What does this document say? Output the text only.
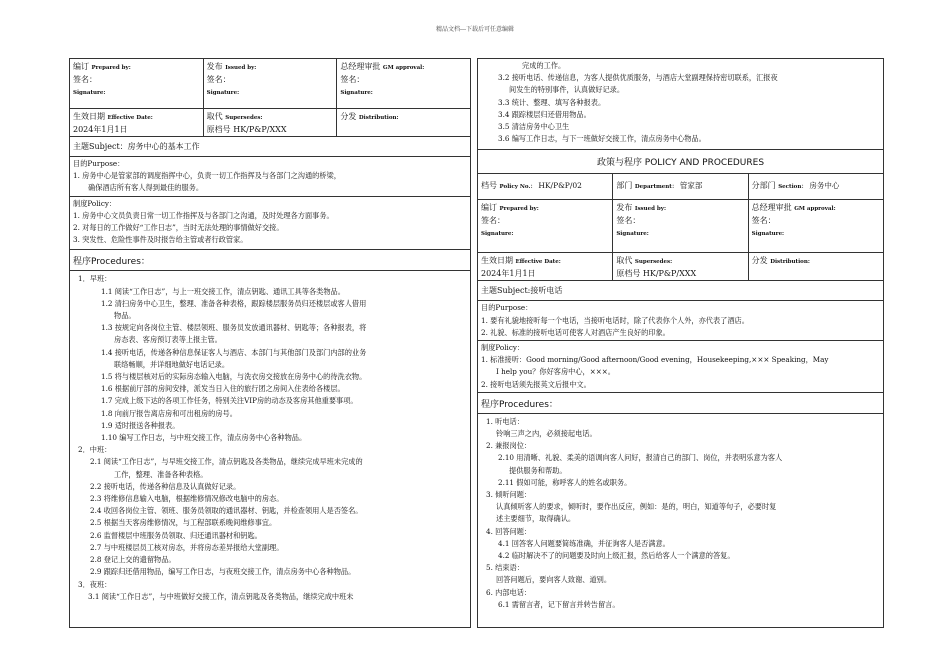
精品文档---下载后可任意编辑
编订 Prepared by:
签名：
Signature:
发布 Issued by:
签名：
Signature:
总经理审批 GM approval:
签名：
Signature:
生效日期 Effective Date:
2024年1月1日
取代 Supersedes:
原档号 HK/P&P/XXX
分发 Distribution:
主题Subject：房务中心的基本工作
目的Purpose：
1. 房务中心是管家部的调度指挥中心，负责一切工作指挥及与各部门之沟通的桥梁，
确保酒店所有客人得到最佳的服务。
制度Policy：
1. 房务中心文员负责日常一切工作指挥及与各部门之沟通，及时处理各方面事务。
2. 对每日的工作做好“工作日志”，当时无法处理的事情做好交接。
3. 突发性、危险性事件及时报告给主管或者行政管家。
程序Procedures：
1．早班：
1.1 阅读“工作日志”，与上一班交接工作，清点钥匙、通讯工具等各类物品。
1.2 清扫房务中心卫生，整理、准备各种表格，跟踪楼层服务员归还楼层或客人借用
物品。
1.3 按规定向各岗位主管、楼层领班、服务员发放通讯器材、钥匙等；各种报表，将
房态表、客房预订表等上报主管。
1.4 接听电话，传递各种信息保证客人与酒店、本部门与其他部门及部门内部的业务
联络畅顺，并详细地做好电话记录。
1.5 将与楼层核对后的实际房态输入电脑，与洗衣房交接放在房务中心的待洗衣物。
1.6 根据前厅部的房间安排，派发当日入住的旅行团之房间入住表给各楼层。
1.7 完成上级下达的各项工作任务，特别关注VIP房的动态及客房其他重要事项。
1.8 向前厅报告离店房和可出租房的房号。
1.9 适时报送各种报表。
1.10 编写工作日志，与中班交接工作，清点房务中心各种物品。
2．中班：
2.1 阅读“工作日志”，与早班交接工作，清点钥匙及各类物品，继续完成早班未完成的
工作，整理、准备各种表格。
2.2 接听电话，传递各种信息及认真做好记录。
2.3 将维修信息输入电脑，根据维修情况修改电脑中的房态。
2.4 收回各岗位主管、领班、服务员领取的通讯器材、钥匙，并检查领用人是否签名。
2.5 根据当天客房维修情况，与工程部联系晚间维修事宜。
2.6 监督楼层中班服务员领取、归还通讯器材和钥匙。
2.7 与中班楼层员工核对房态，并将房态差异报给大堂副理。
2.8 登记上交的遗留物品。
2.9 跟踪归还借用物品，编写工作日志，与夜班交接工作，清点房务中心各种物品。
3．夜班：
3.1 阅读“工作日志”，与中班做好交接工作，清点钥匙及各类物品，继续完成中班未
完成的工作。
3.2 接听电话、传递信息，为客人提供优质服务，与酒店大堂副理保持密切联系，汇报夜
间发生的特别事件，认真做好记录。
3.3 统计、整理、填写各种报表。
3.4 跟踪楼层归还借用物品。
3.5 清洁房务中心卫生
3.6 编写工作日志，与下一班做好交接工作，清点房务中心物品。
政策与程序 POLICY AND PROCEDURES
档号 Policy No.： HK/P&P/02	部门 Department： 管家部	分部门 Section： 房务中心
编订 Prepared by:
签名：
Signature:
发布 Issued by:
签名：
Signature:
总经理审批 GM approval:
签名：
Signature:
生效日期 Effective Date:
2024年1月1日
取代 Supersedes:
原档号 HK/P&P/XXX
分发 Distribution:
主题Subject:接听电话
目的Purpose：
1. 要有礼貌地接听每一个电话，当接听电话时，除了代表你个人外，亦代表了酒店。
2. 礼貌、标准的接听电话可使客人对酒店产生良好的印象。
制度Policy：
1. 标准接听：Good morning/Good afternoon/Good evening，Housekeeping,××× Speaking，May
I help you？你好客房中心，×××。
2. 接听电话须先报英文后报中文。
程序Procedures：
1. 听电话：
铃响三声之内，必须接起电话。
2. 兼报岗位：
2.10 用清晰、礼貌、柔美的语调向客人问好，报清自己的部门、岗位，并表明乐意为客人
提供服务和帮助。
2.11 假如可能，称呼客人的姓名或职务。
3. 倾听问题：
认真倾听客人的要求，倾听时，要作出反应，例如：是的，明白，知道等句子，必要时复
述主要细节，取得确认。
4. 回答问题：
4.1 回答客人问题要简练准确，并征询客人是否满意。
4.2 临时解决不了的问题要及时向上级汇报，然后给客人一个满意的答复。
5. 结束语：
回答问题后，要向客人致谢、道别。
6. 内部电话：
6.1 需留言者，记下留言并转告留言。
